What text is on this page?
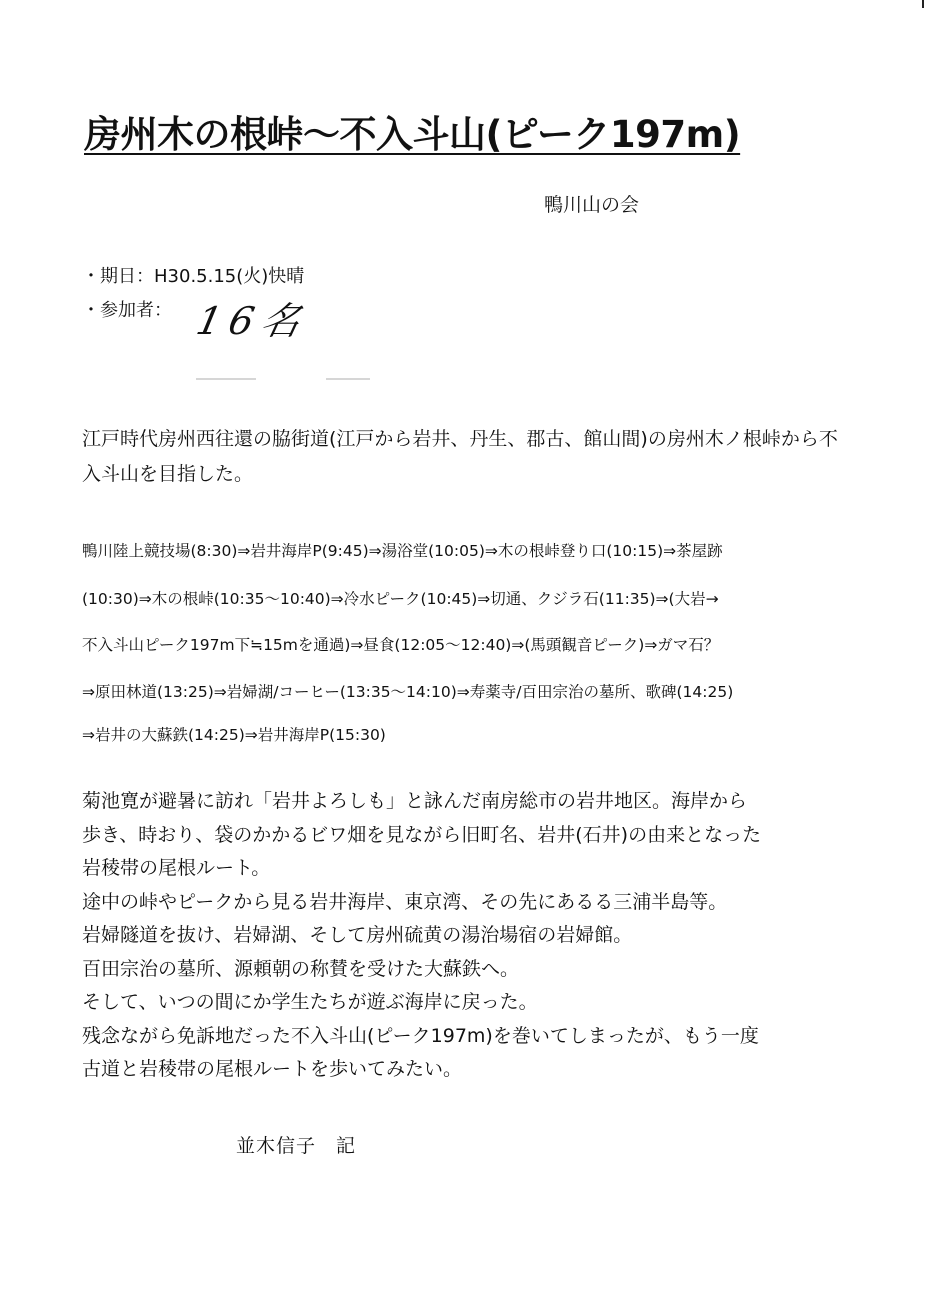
房州木の根峠～不入斗山(ピーク197m)
鴨川山の会
・期日：H30.5.15(火)快晴
・参加者： 16名
江戸時代房州西往還の脇街道(江戸から岩井、丹生、郡古、館山間)の房州木ノ根峠から不入斗山を目指した。
鴨川陸上競技場(8:30)⇒岩井海岸P(9:45)⇒湯浴堂(10:05)⇒木の根峠登り口(10:15)⇒茶屋跡
(10:30)⇒木の根峠(10:35～10:40)⇒冷水ピーク(10:45)⇒切通、クジラ石(11:35)⇒(大岩→
不入斗山ピーク197m下≒15mを通過)⇒昼食(12:05～12:40)⇒(馬頭観音ピーク)⇒ガマ石？
⇒原田林道(13:25)⇒岩婦湖/コーヒー(13:35～14:10)⇒寿薬寺/百田宗治の墓所、歌碑(14:25)
⇒岩井の大蘇鉄(14:25)⇒岩井海岸P(15:30)
菊池寛が避暑に訪れ「岩井よろしも」と詠んだ南房総市の岩井地区。海岸から
歩き、時おり、袋のかかるビワ畑を見ながら旧町名、岩井(石井)の由来となった
岩稜帯の尾根ルート。
途中の峠やピークから見る岩井海岸、東京湾、その先にあるる三浦半島等。
岩婦隧道を抜け、岩婦湖、そして房州硫黄の湯治場宿の岩婦館。
百田宗治の墓所、源頼朝の称賛を受けた大蘇鉄へ。
そして、いつの間にか学生たちが遊ぶ海岸に戻った。
残念ながら免訴地だった不入斗山(ピーク197m)を巻いてしまったが、もう一度
古道と岩稜帯の尾根ルートを歩いてみたい。
並木信子　記
